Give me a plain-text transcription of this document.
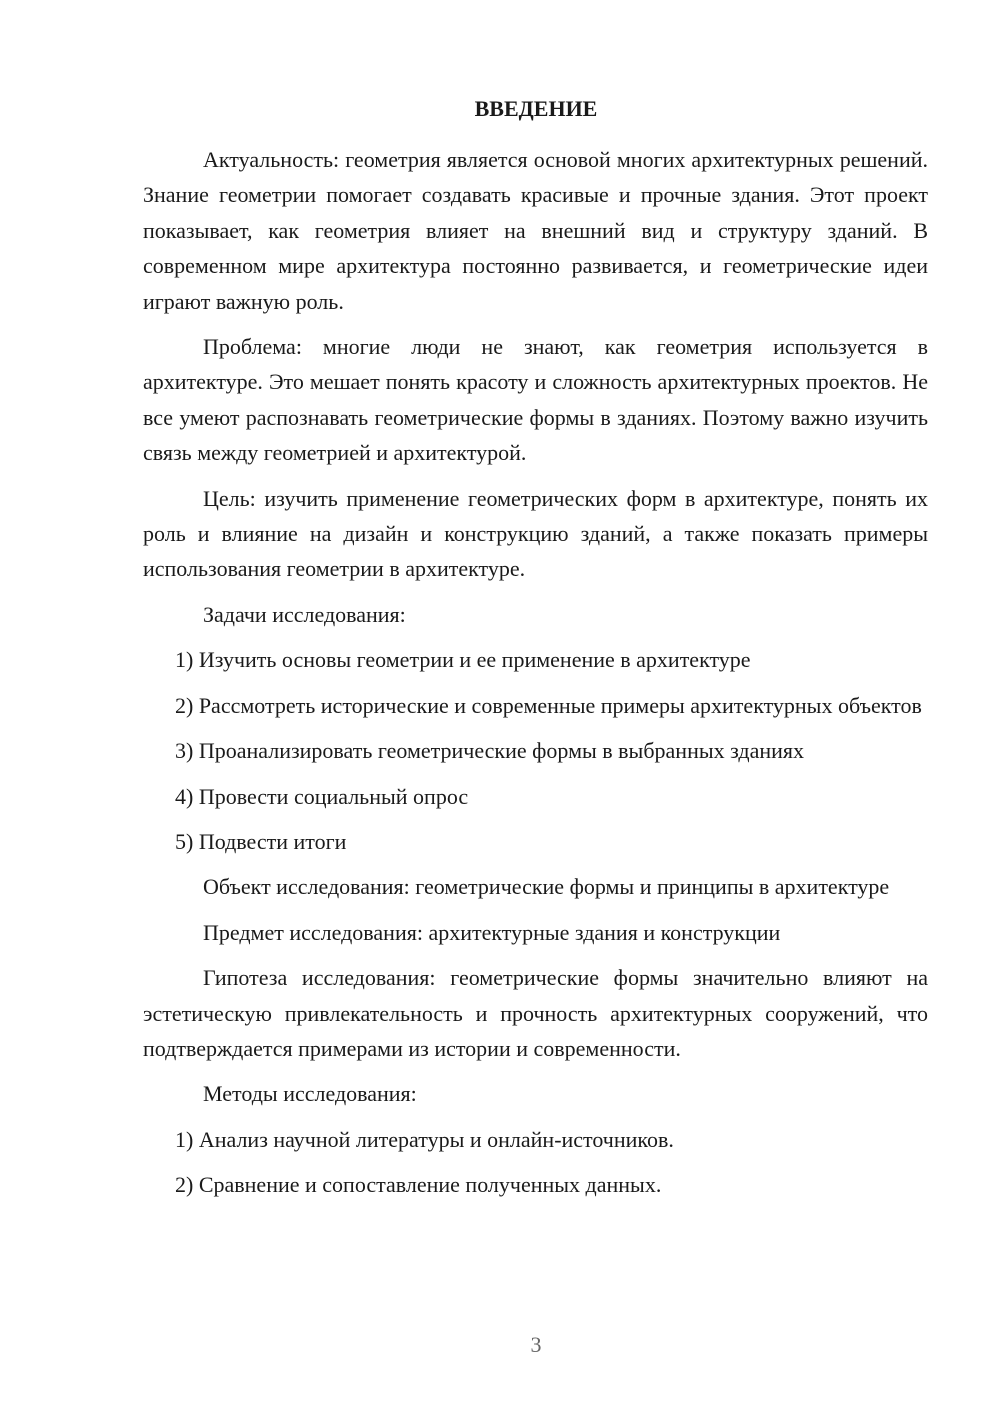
ВВЕДЕНИЕ

Актуальность: геометрия является основой многих архитектурных решений. Знание геометрии помогает создавать красивые и прочные здания. Этот проект показывает, как геометрия влияет на внешний вид и структуру зданий. В современном мире архитектура постоянно развивается, и геометрические идеи играют важную роль.

Проблема: многие люди не знают, как геометрия используется в архитектуре. Это мешает понять красоту и сложность архитектурных проектов. Не все умеют распознавать геометрические формы в зданиях. Поэтому важно изучить связь между геометрией и архитектурой.

Цель: изучить применение геометрических форм в архитектуре, понять их роль и влияние на дизайн и конструкцию зданий, а также показать примеры использования геометрии в архитектуре.

Задачи исследования:

1) Изучить основы геометрии и ее применение в архитектуре

2) Рассмотреть исторические и современные примеры архитектурных объектов

3) Проанализировать геометрические формы в выбранных зданиях

4) Провести социальный опрос

5) Подвести итоги

Объект исследования: геометрические формы и принципы в архитектуре

Предмет исследования: архитектурные здания и конструкции

Гипотеза исследования: геометрические формы значительно влияют на эстетическую привлекательность и прочность архитектурных сооружений, что подтверждается примерами из истории и современности.

Методы исследования:

1) Анализ научной литературы и онлайн-источников.

2) Сравнение и сопоставление полученных данных.

3
